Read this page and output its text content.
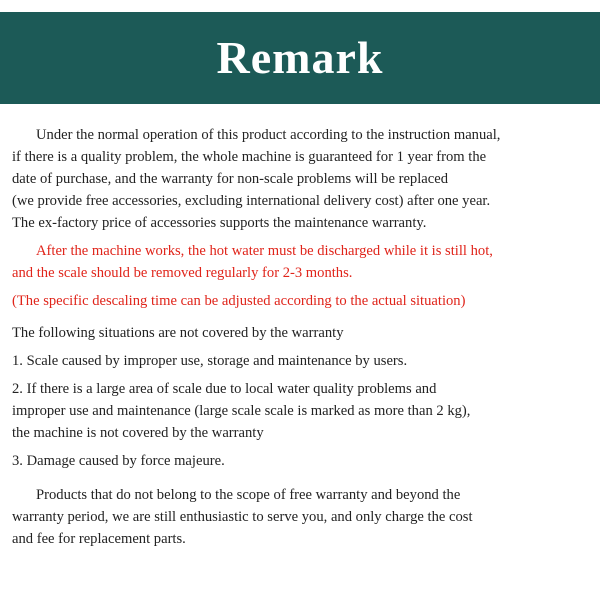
Remark

Under the normal operation of this product according to the instruction manual,
if there is a quality problem, the whole machine is guaranteed for 1 year from the
date of purchase, and the warranty for non-scale problems will be replaced
(we provide free accessories, excluding international delivery cost) after one year.
The ex-factory price of accessories supports the maintenance warranty.

After the machine works, the hot water must be discharged while it is still hot,
and the scale should be removed regularly for 2-3 months.

(The specific descaling time can be adjusted according to the actual situation)

The following situations are not covered by the warranty

1. Scale caused by improper use, storage and maintenance by users.

2. If there is a large area of scale due to local water quality problems and
improper use and maintenance (large scale scale is marked as more than 2 kg),
the machine is not covered by the warranty

3. Damage caused by force majeure.

Products that do not belong to the scope of free warranty and beyond the
warranty period, we are still enthusiastic to serve you, and only charge the cost
and fee for replacement parts.
